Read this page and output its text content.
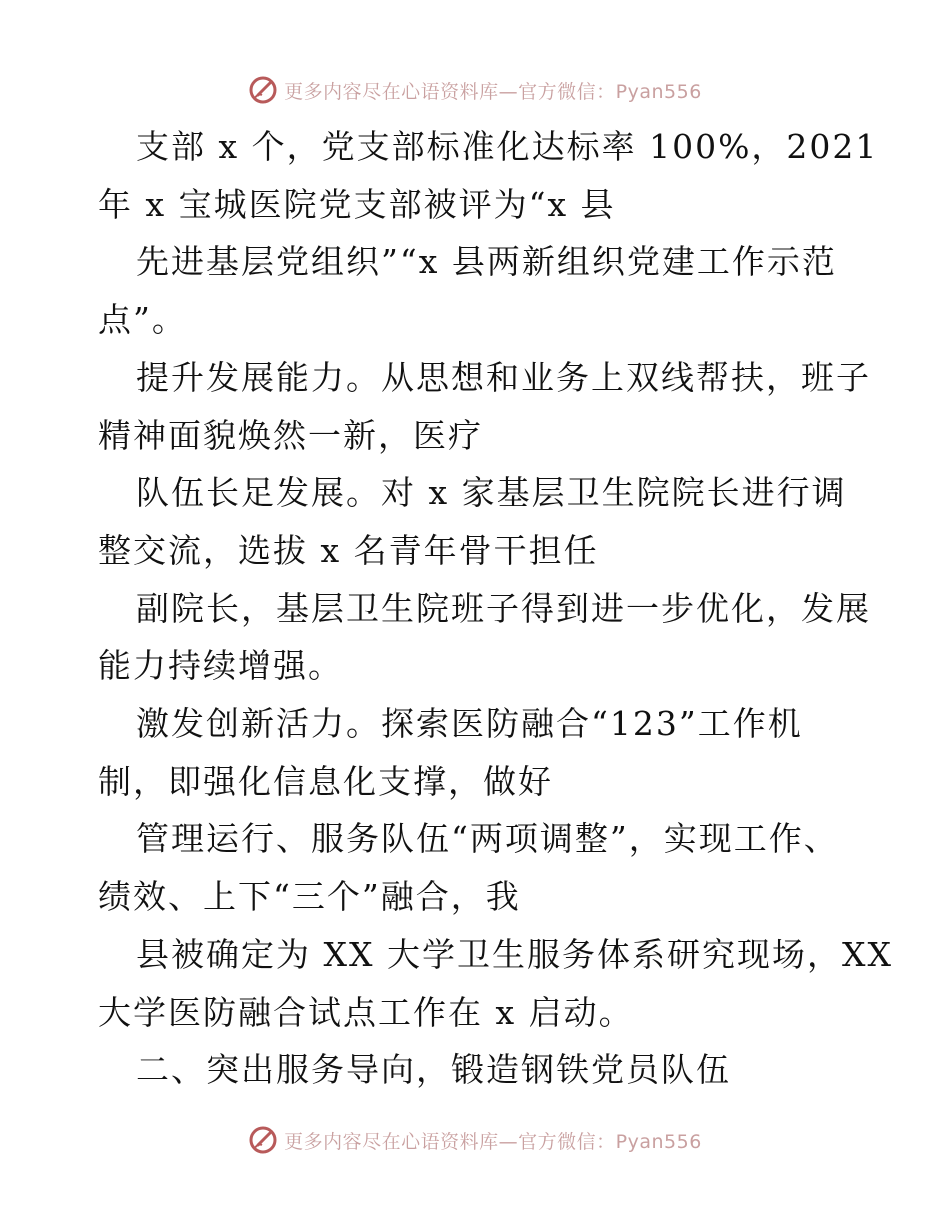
更多内容尽在心语资料库—官方微信：Pyan556

支部 x 个，党支部标准化达标率 100%，2021

年 x 宝城医院党支部被评为“x 县

先进基层党组织”“x 县两新组织党建工作示范

点”。

提升发展能力。从思想和业务上双线帮扶，班子

精神面貌焕然一新，医疗

队伍长足发展。对 x 家基层卫生院院长进行调

整交流，选拔 x 名青年骨干担任

副院长，基层卫生院班子得到进一步优化，发展

能力持续增强。

激发创新活力。探索医防融合“123”工作机

制，即强化信息化支撑，做好

管理运行、服务队伍“两项调整”，实现工作、

绩效、上下“三个”融合，我

县被确定为 XX 大学卫生服务体系研究现场，XX

大学医防融合试点工作在 x 启动。

二、突出服务导向，锻造钢铁党员队伍

更多内容尽在心语资料库—官方微信：Pyan556
